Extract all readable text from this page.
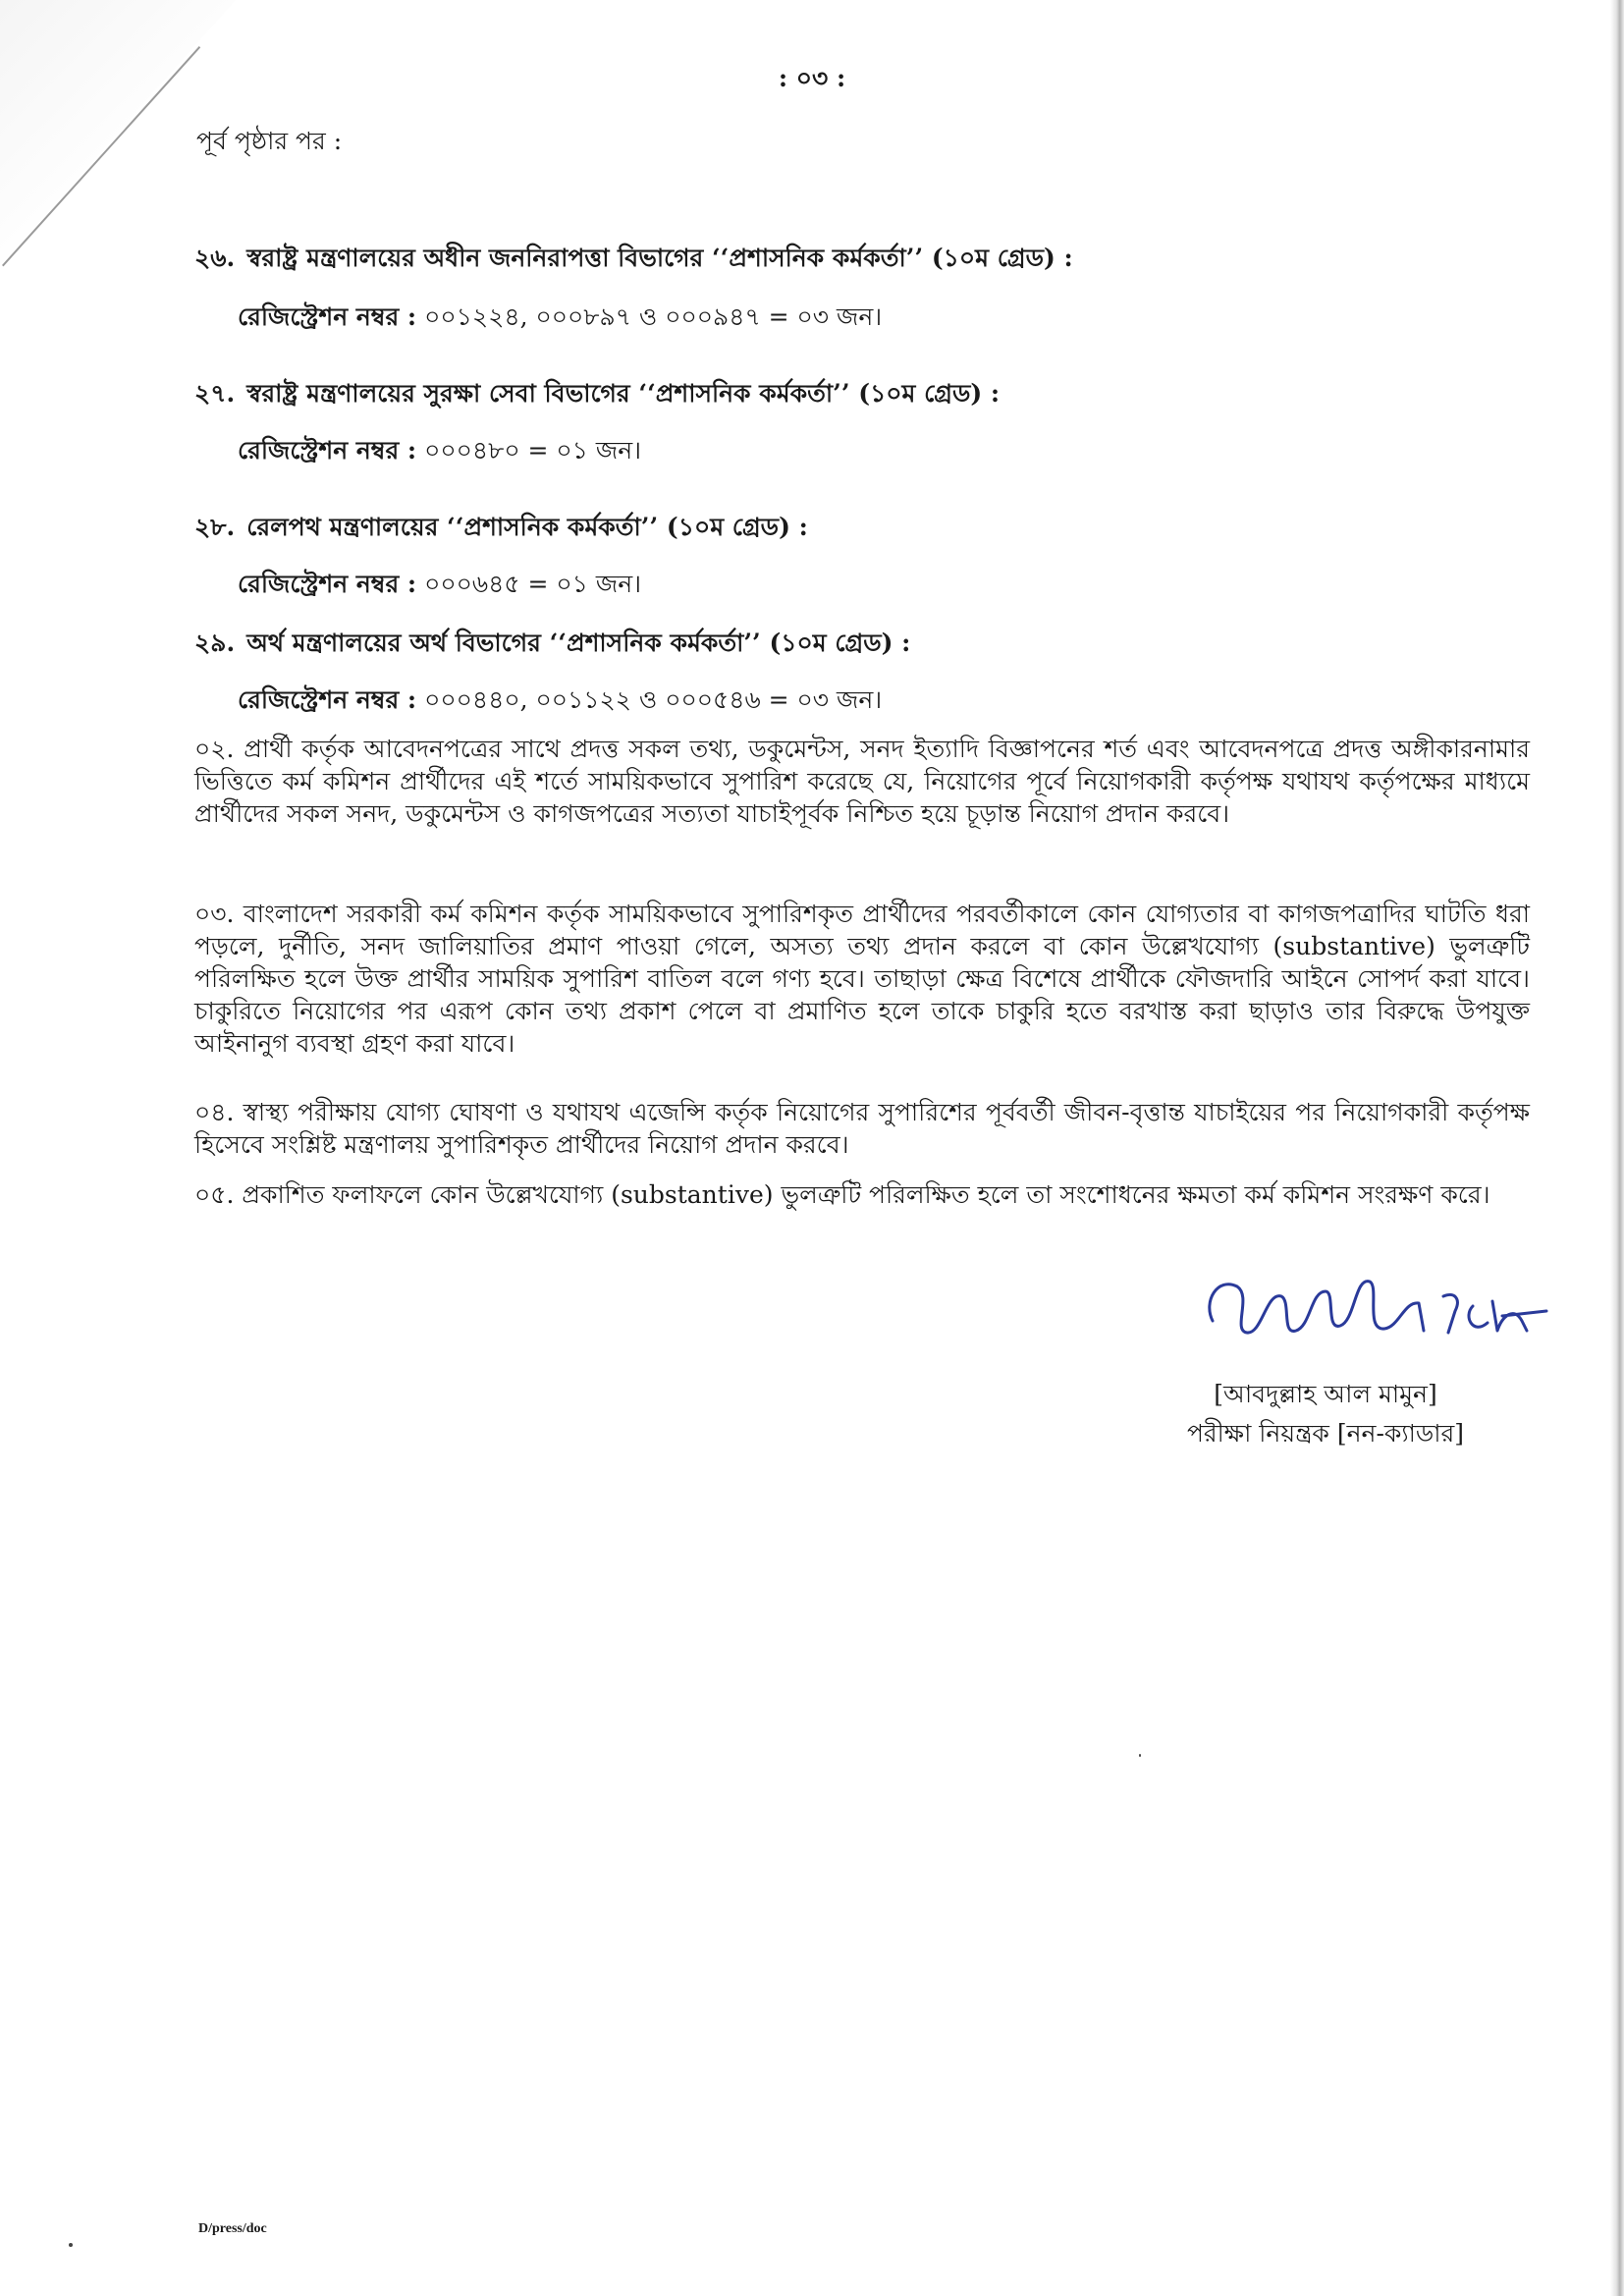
: ০৩ :
পূর্ব পৃষ্ঠার পর :
২৬. স্বরাষ্ট্র মন্ত্রণালয়ের অধীন জননিরাপত্তা বিভাগের ‘‘প্রশাসনিক কর্মকর্তা’’ (১০ম গ্রেড) :
রেজিস্ট্রেশন নম্বর : ০০১২২৪, ০০০৮৯৭ ও ০০০৯৪৭ = ০৩ জন।
২৭. স্বরাষ্ট্র মন্ত্রণালয়ের সুরক্ষা সেবা বিভাগের ‘‘প্রশাসনিক কর্মকর্তা’’ (১০ম গ্রেড) :
রেজিস্ট্রেশন নম্বর : ০০০৪৮০ = ০১ জন।
২৮. রেলপথ মন্ত্রণালয়ের ‘‘প্রশাসনিক কর্মকর্তা’’ (১০ম গ্রেড) :
রেজিস্ট্রেশন নম্বর : ০০০৬৪৫ = ০১ জন।
২৯. অর্থ মন্ত্রণালয়ের অর্থ বিভাগের ‘‘প্রশাসনিক কর্মকর্তা’’ (১০ম গ্রেড) :
রেজিস্ট্রেশন নম্বর : ০০০৪৪০, ০০১১২২ ও ০০০৫৪৬ = ০৩ জন।
০২. প্রার্থী কর্তৃক আবেদনপত্রের সাথে প্রদত্ত সকল তথ্য, ডকুমেন্টস, সনদ ইত্যাদি বিজ্ঞাপনের শর্ত এবং আবেদনপত্রে প্রদত্ত অঙ্গীকারনামার ভিত্তিতে কর্ম কমিশন প্রার্থীদের এই শর্তে সাময়িকভাবে সুপারিশ করেছে যে, নিয়োগের পূর্বে নিয়োগকারী কর্তৃপক্ষ যথাযথ কর্তৃপক্ষের মাধ্যমে প্রার্থীদের সকল সনদ, ডকুমেন্টস ও কাগজপত্রের সত্যতা যাচাইপূর্বক নিশ্চিত হয়ে চূড়ান্ত নিয়োগ প্রদান করবে।
০৩. বাংলাদেশ সরকারী কর্ম কমিশন কর্তৃক সাময়িকভাবে সুপারিশকৃত প্রার্থীদের পরবর্তীকালে কোন যোগ্যতার বা কাগজপত্রাদির ঘাটতি ধরা পড়লে, দুর্নীতি, সনদ জালিয়াতির প্রমাণ পাওয়া গেলে, অসত্য তথ্য প্রদান করলে বা কোন উল্লেখযোগ্য (substantive) ভুলত্রুটি পরিলক্ষিত হলে উক্ত প্রার্থীর সাময়িক সুপারিশ বাতিল বলে গণ্য হবে। তাছাড়া ক্ষেত্র বিশেষে প্রার্থীকে ফৌজদারি আইনে সোপর্দ করা যাবে। চাকুরিতে নিয়োগের পর এরূপ কোন তথ্য প্রকাশ পেলে বা প্রমাণিত হলে তাকে চাকুরি হতে বরখাস্ত করা ছাড়াও তার বিরুদ্ধে উপযুক্ত আইনানুগ ব্যবস্থা গ্রহণ করা যাবে।
০৪. স্বাস্থ্য পরীক্ষায় যোগ্য ঘোষণা ও যথাযথ এজেন্সি কর্তৃক নিয়োগের সুপারিশের পূর্ববর্তী জীবন-বৃত্তান্ত যাচাইয়ের পর নিয়োগকারী কর্তৃপক্ষ হিসেবে সংশ্লিষ্ট মন্ত্রণালয় সুপারিশকৃত প্রার্থীদের নিয়োগ প্রদান করবে।
০৫. প্রকাশিত ফলাফলে কোন উল্লেখযোগ্য (substantive) ভুলত্রুটি পরিলক্ষিত হলে তা সংশোধনের ক্ষমতা কর্ম কমিশন সংরক্ষণ করে।
[আবদুল্লাহ আল মামুন]
পরীক্ষা নিয়ন্ত্রক [নন-ক্যাডার]
D/press/doc
